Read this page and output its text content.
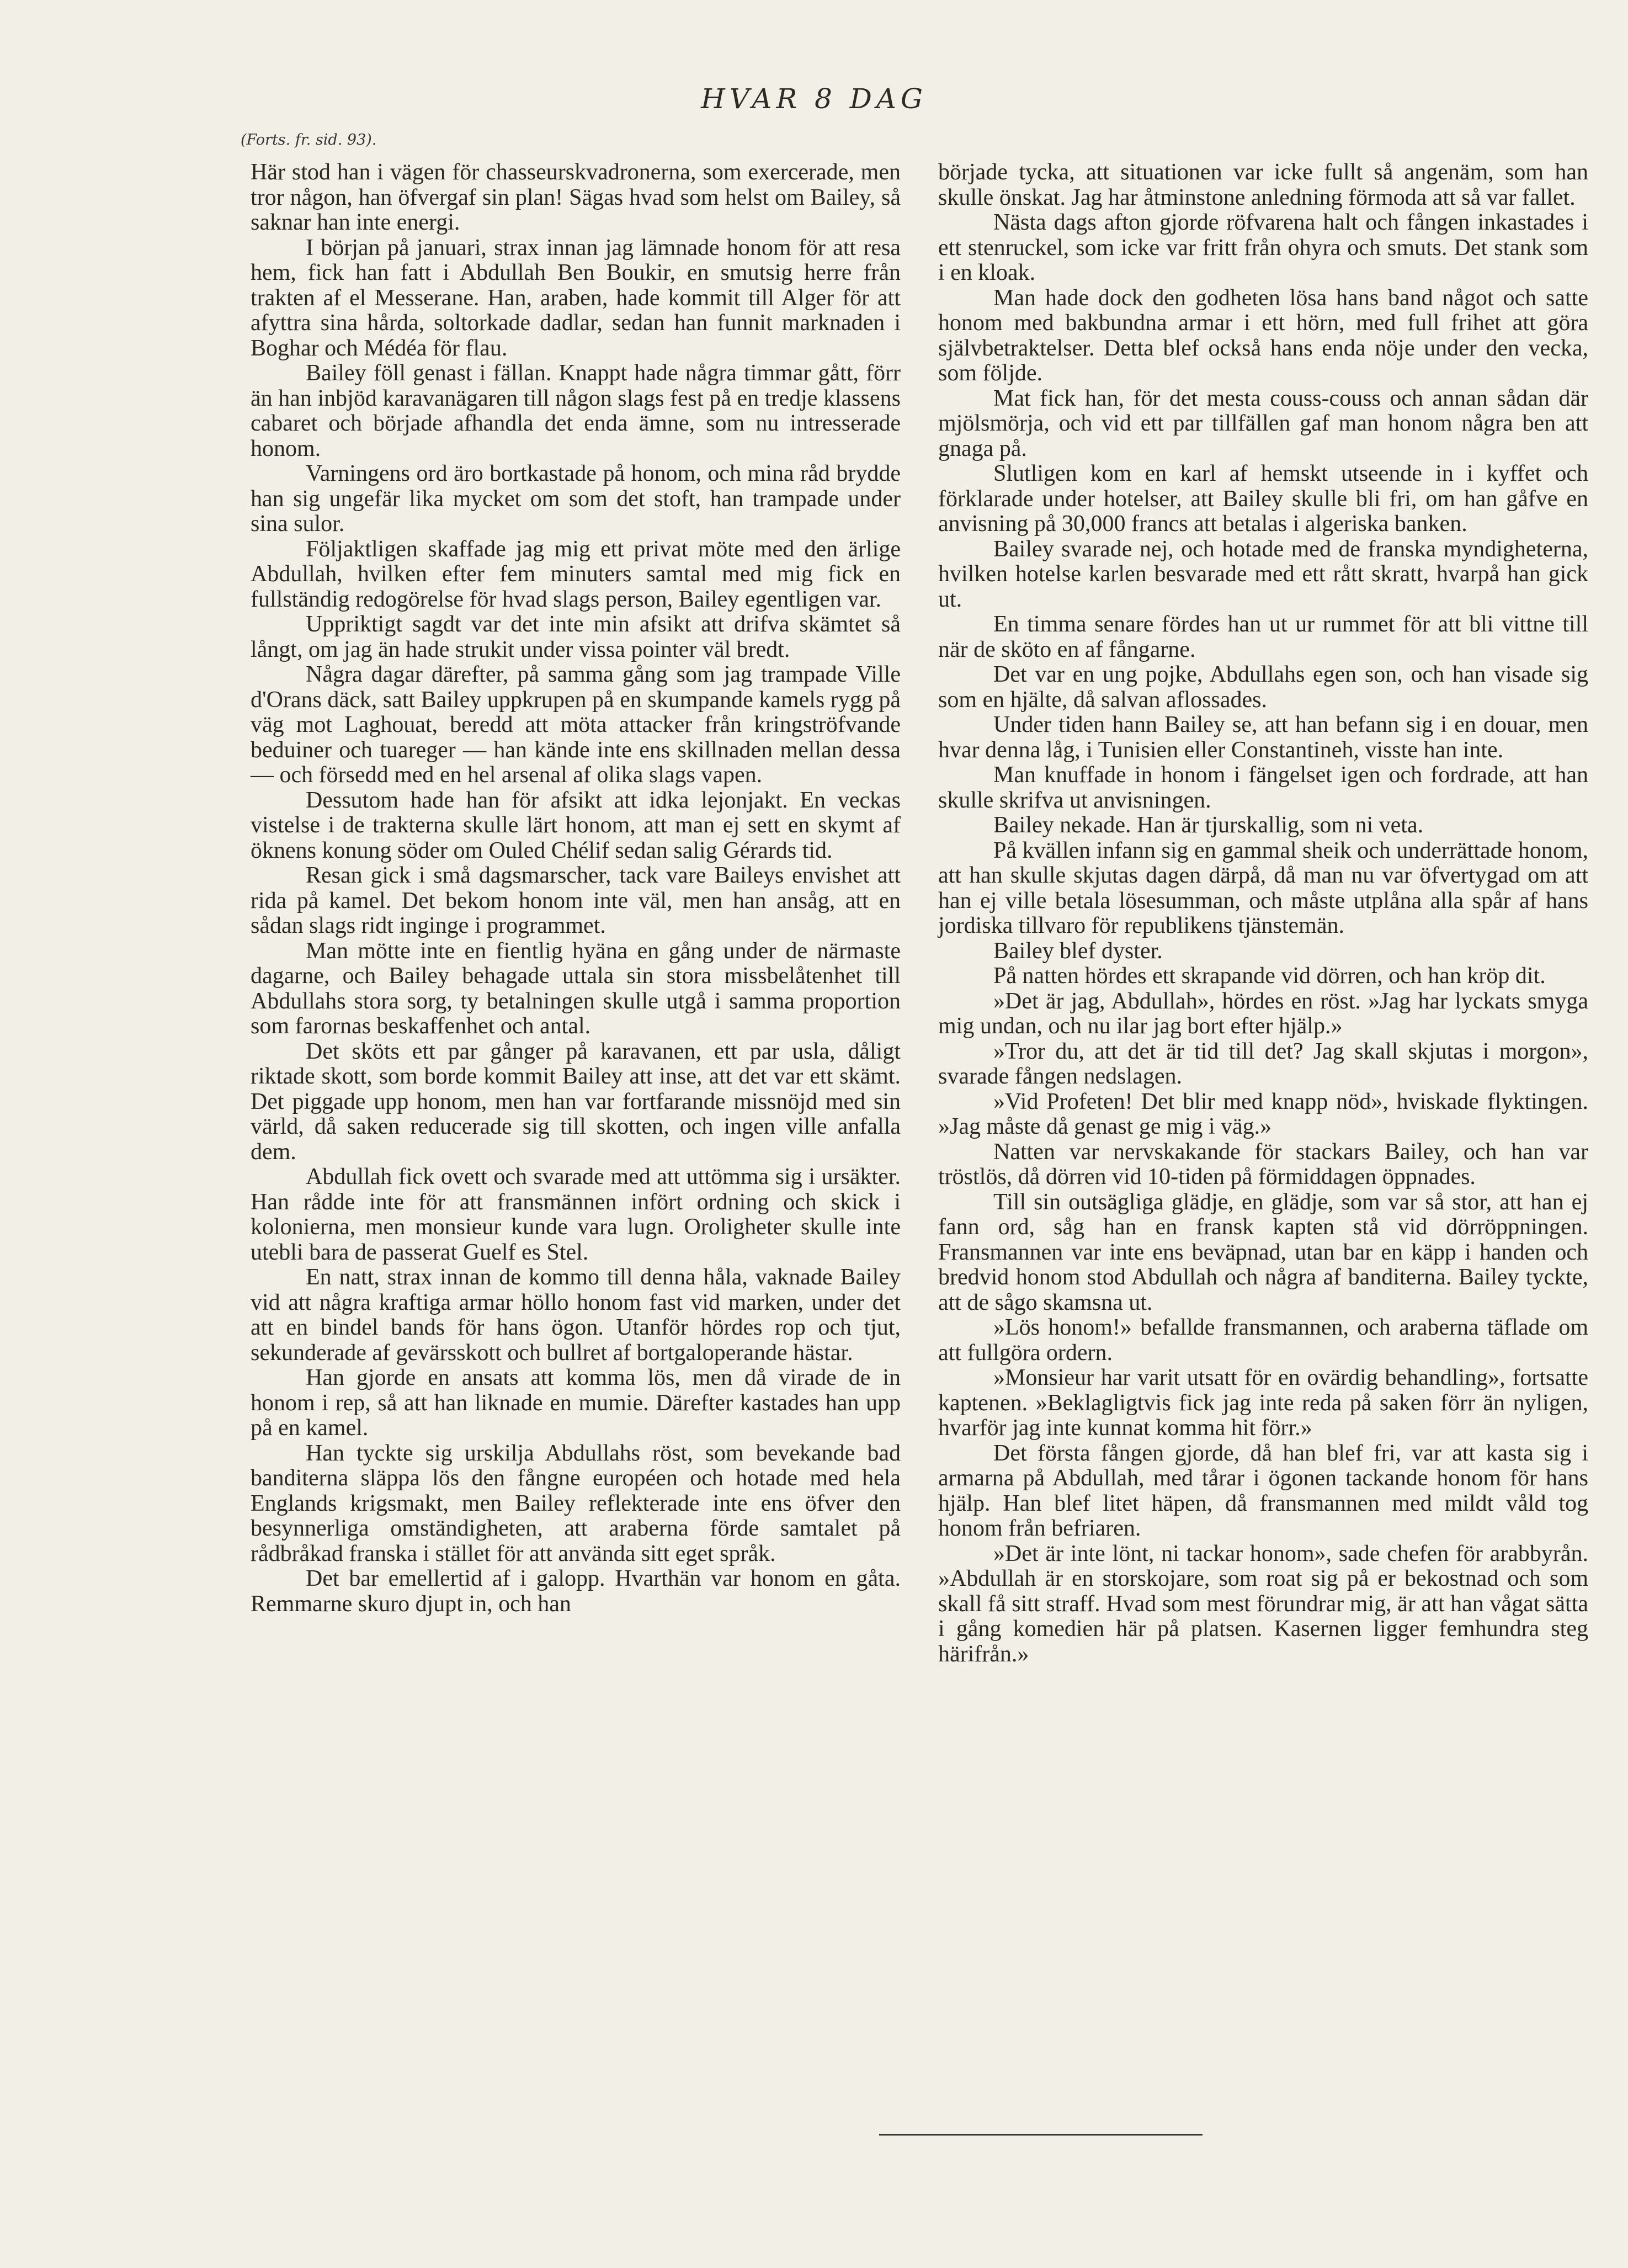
HVAR 8 DAG
(Forts. fr. sid. 93).

Här stod han i vägen för chasseurskvadronerna, som exercerade, men tror någon, han öfvergaf sin plan! Sägas hvad som helst om Bailey, så saknar han inte energi.

I början på januari, strax innan jag lämnade honom för att resa hem, fick han fatt i Abdullah Ben Boukir, en smutsig herre från trakten af el Messerane. Han, araben, hade kommit till Alger för att afyttra sina hårda, soltorkade dadlar, sedan han funnit marknaden i Boghar och Médéa för flau.

Bailey föll genast i fällan. Knappt hade några timmar gått, förr än han inbjöd karavanägaren till någon slags fest på en tredje klassens cabaret och började afhandla det enda ämne, som nu intresserade honom.

Varningens ord äro bortkastade på honom, och mina råd brydde han sig ungefär lika mycket om som det stoft, han trampade under sina sulor.

Följaktligen skaffade jag mig ett privat möte med den ärlige Abdullah, hvilken efter fem minuters samtal med mig fick en fullständig redogörelse för hvad slags person, Bailey egentligen var.

Uppriktigt sagdt var det inte min afsikt att drifva skämtet så långt, om jag än hade strukit under vissa pointer väl bredt.

Några dagar därefter, på samma gång som jag trampade Ville d'Orans däck, satt Bailey uppkrupen på en skumpande kamels rygg på väg mot Laghouat, beredd att möta attacker från kringströfvande beduiner och tuareger — han kände inte ens skillnaden mellan dessa — och försedd med en hel arsenal af olika slags vapen.

Dessutom hade han för afsikt att idka lejonjakt. En veckas vistelse i de trakterna skulle lärt honom, att man ej sett en skymt af öknens konung söder om Ouled Chélif sedan salig Gérards tid.

Resan gick i små dagsmarscher, tack vare Baileys envishet att rida på kamel. Det bekom honom inte väl, men han ansåg, att en sådan slags ridt inginge i programmet.

Man mötte inte en fientlig hyäna en gång under de närmaste dagarne, och Bailey behagade uttala sin stora missbelåtenhet till Abdullahs stora sorg, ty betalningen skulle utgå i samma proportion som farornas beskaffenhet och antal.

Det sköts ett par gånger på karavanen, ett par usla, dåligt riktade skott, som borde kommit Bailey att inse, att det var ett skämt. Det piggade upp honom, men han var fortfarande missnöjd med sin värld, då saken reducerade sig till skotten, och ingen ville anfalla dem.

Abdullah fick ovett och svarade med att uttömma sig i ursäkter. Han rådde inte för att fransmännen infört ordning och skick i kolonierna, men monsieur kunde vara lugn. Oroligheter skulle inte utebli bara de passerat Guelf es Stel.

En natt, strax innan de kommo till denna håla, vaknade Bailey vid att några kraftiga armar höllo honom fast vid marken, under det att en bindel bands för hans ögon. Utanför hördes rop och tjut, sekunderade af gevärsskott och bullret af bortgaloperande hästar.

Han gjorde en ansats att komma lös, men då virade de in honom i rep, så att han liknade en mumie. Därefter kastades han upp på en kamel.

Han tyckte sig urskilja Abdullahs röst, som bevekande bad banditerna släppa lös den fångne européen och hotade med hela Englands krigsmakt, men Bailey reflekterade inte ens öfver den besynnerliga omständigheten, att araberna förde samtalet på rådbråkad franska i stället för att använda sitt eget språk.

Det bar emellertid af i galopp. Hvarthän var honom en gåta. Remmarne skuro djupt in, och han

började tycka, att situationen var icke fullt så angenäm, som han skulle önskat. Jag har åtminstone anledning förmoda att så var fallet.

Nästa dags afton gjorde röfvarena halt och fången inkastades i ett stenruckel, som icke var fritt från ohyra och smuts. Det stank som i en kloak.

Man hade dock den godheten lösa hans band något och satte honom med bakbundna armar i ett hörn, med full frihet att göra självbetraktelser. Detta blef också hans enda nöje under den vecka, som följde.

Mat fick han, för det mesta couss-couss och annan sådan där mjölsmörja, och vid ett par tillfällen gaf man honom några ben att gnaga på.

Slutligen kom en karl af hemskt utseende in i kyffet och förklarade under hotelser, att Bailey skulle bli fri, om han gåfve en anvisning på 30,000 francs att betalas i algeriska banken.

Bailey svarade nej, och hotade med de franska myndigheterna, hvilken hotelse karlen besvarade med ett rått skratt, hvarpå han gick ut.

En timma senare fördes han ut ur rummet för att bli vittne till när de sköto en af fångarne.

Det var en ung pojke, Abdullahs egen son, och han visade sig som en hjälte, då salvan aflossades.

Under tiden hann Bailey se, att han befann sig i en douar, men hvar denna låg, i Tunisien eller Constantineh, visste han inte.

Man knuffade in honom i fängelset igen och fordrade, att han skulle skrifva ut anvisningen.

Bailey nekade. Han är tjurskallig, som ni veta.

På kvällen infann sig en gammal sheik och underrättade honom, att han skulle skjutas dagen därpå, då man nu var öfvertygad om att han ej ville betala lösesumman, och måste utplåna alla spår af hans jordiska tillvaro för republikens tjänstemän.

Bailey blef dyster.

På natten hördes ett skrapande vid dörren, och han kröp dit.

»Det är jag, Abdullah», hördes en röst. »Jag har lyckats smyga mig undan, och nu ilar jag bort efter hjälp.»

»Tror du, att det är tid till det? Jag skall skjutas i morgon», svarade fången nedslagen.

»Vid Profeten! Det blir med knapp nöd», hviskade flyktingen. »Jag måste då genast ge mig i väg.»

Natten var nervskakande för stackars Bailey, och han var tröstlös, då dörren vid 10-tiden på förmiddagen öppnades.

Till sin outsägliga glädje, en glädje, som var så stor, att han ej fann ord, såg han en fransk kapten stå vid dörröppningen. Fransmannen var inte ens beväpnad, utan bar en käpp i handen och bredvid honom stod Abdullah och några af banditerna. Bailey tyckte, att de sågo skamsna ut.

»Lös honom!» befallde fransmannen, och araberna täflade om att fullgöra ordern.

»Monsieur har varit utsatt för en ovärdig behandling», fortsatte kaptenen. »Beklagligtvis fick jag inte reda på saken förr än nyligen, hvarför jag inte kunnat komma hit förr.»

Det första fången gjorde, då han blef fri, var att kasta sig i armarna på Abdullah, med tårar i ögonen tackande honom för hans hjälp. Han blef litet häpen, då fransmannen med mildt våld tog honom från befriaren.

»Det är inte lönt, ni tackar honom», sade chefen för arabbyrån. »Abdullah är en storskojare, som roat sig på er bekostnad och som skall få sitt straff. Hvad som mest förundrar mig, är att han vågat sätta i gång komedien här på platsen. Kasernen ligger femhundra steg härifrån.»
